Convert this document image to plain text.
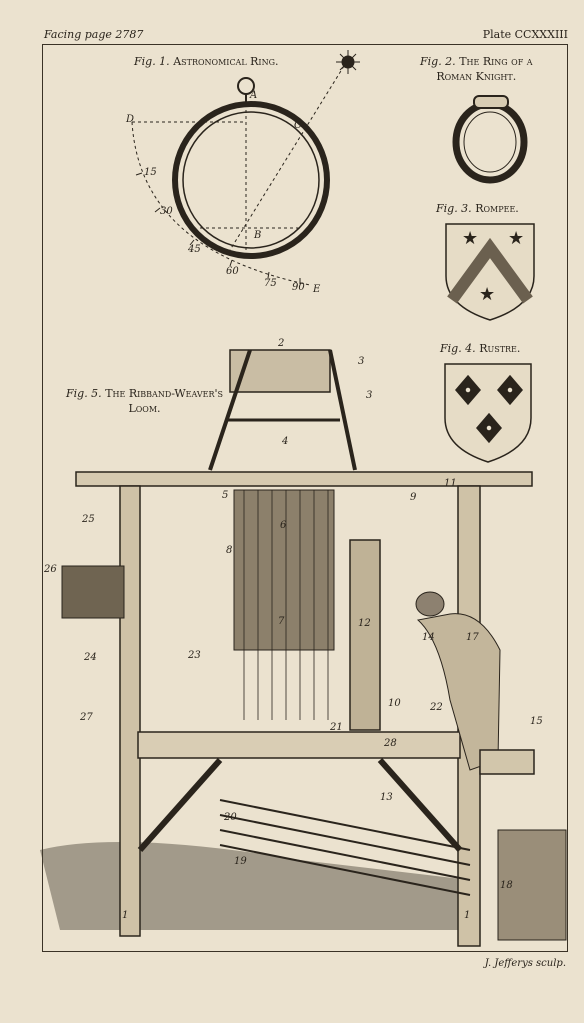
Facing page 2787	Plate CCXXXIII
Fig. 1. Astronomical Ring.	Fig. 2. The Ring of a
Roman Knight.
Fig. 3. Rompee.
Fig. 4. Rustre.
Fig. 5. The Ribband-Weaver's
Loom.
A
B
C
D
E
15
30
45
60
75 90
★ ★
★
1
2
3
3
4
5
6
7
8
9
10
11
12
13
14
15
17
18
19
20
21
22
23
24
25
26
27
28
1
J. Jefferys sculp.
